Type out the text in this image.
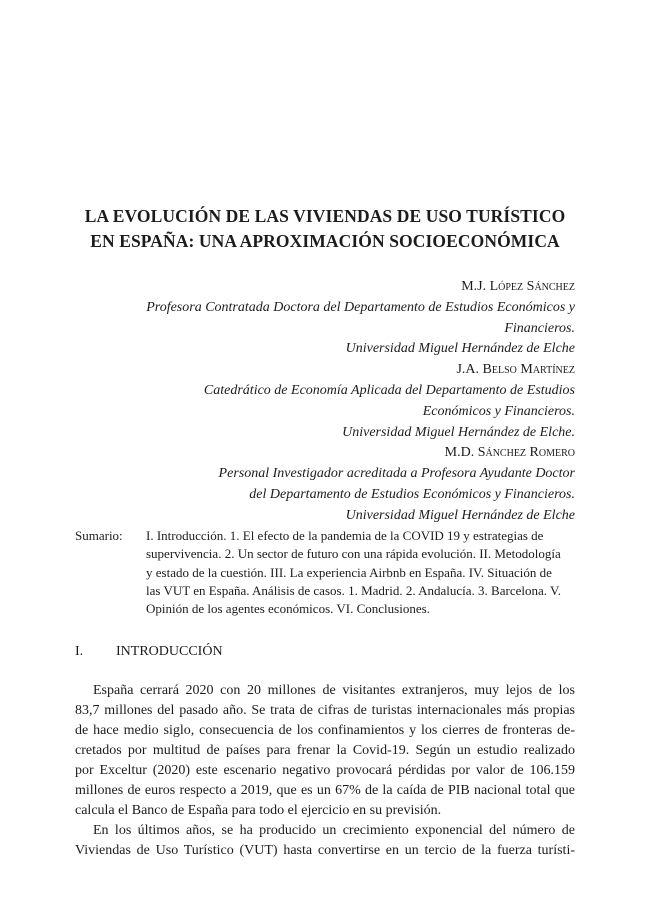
LA EVOLUCIÓN DE LAS VIVIENDAS DE USO TURÍSTICO
EN ESPAÑA: UNA APROXIMACIÓN SOCIOECONÓMICA
M.J. López Sánchez
Profesora Contratada Doctora del Departamento de Estudios Económicos y
Financieros.
Universidad Miguel Hernández de Elche
J.A. Belso Martínez
Catedrático de Economía Aplicada del Departamento de Estudios
Económicos y Financieros.
Universidad Miguel Hernández de Elche.
M.D. Sánchez Romero
Personal Investigador acreditada a Profesora Ayudante Doctor
del Departamento de Estudios Económicos y Financieros.
Universidad Miguel Hernández de Elche
Sumario: I. Introducción. 1. El efecto de la pandemia de la COVID 19 y estrategias de
supervivencia. 2. Un sector de futuro con una rápida evolución. II. Metodología
y estado de la cuestión. III. La experiencia Airbnb en España. IV. Situación de
las VUT en España. Análisis de casos. 1. Madrid. 2. Andalucía. 3. Barcelona. V.
Opinión de los agentes económicos. VI. Conclusiones.
I. INTRODUCCIÓN
España cerrará 2020 con 20 millones de visitantes extranjeros, muy lejos de los
83,7 millones del pasado año. Se trata de cifras de turistas internacionales más propias
de hace medio siglo, consecuencia de los confinamientos y los cierres de fronteras de-
cretados por multitud de países para frenar la Covid-19. Según un estudio realizado
por Exceltur (2020) este escenario negativo provocará pérdidas por valor de 106.159
millones de euros respecto a 2019, que es un 67% de la caída de PIB nacional total que
calcula el Banco de España para todo el ejercicio en su previsión.
En los últimos años, se ha producido un crecimiento exponencial del número de
Viviendas de Uso Turístico (VUT) hasta convertirse en un tercio de la fuerza turísti-
